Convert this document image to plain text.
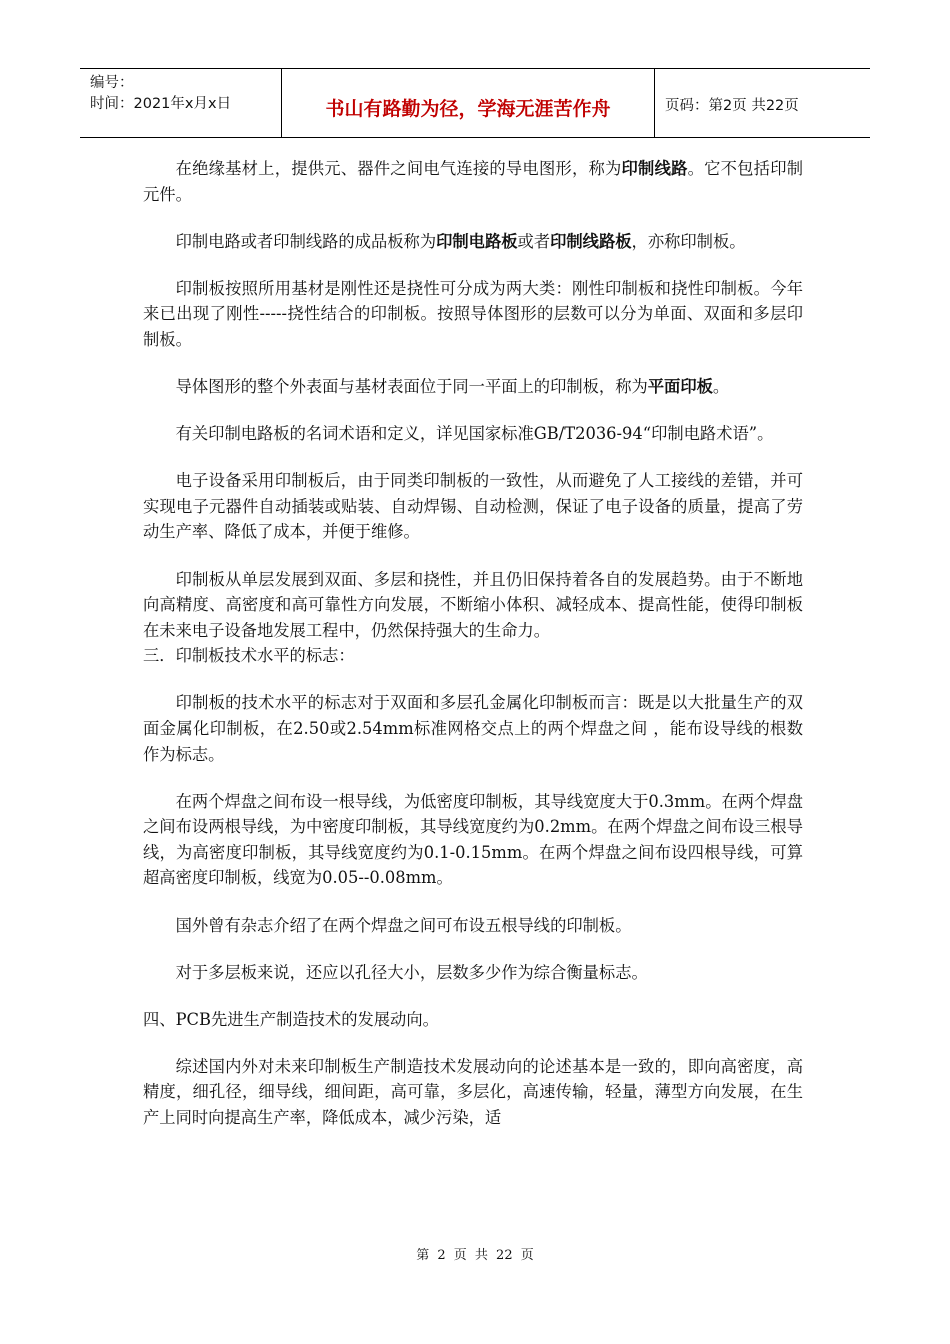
编号：
时间：2021年x月x日	书山有路勤为径，学海无涯苦作舟	页码：第2页 共22页

在绝缘基材上，提供元、器件之间电气连接的导电图形，称为印制线路。它不包括印制元件。

印制电路或者印制线路的成品板称为印制电路板或者印制线路板，亦称印制板。

印制板按照所用基材是刚性还是挠性可分成为两大类：刚性印制板和挠性印制板。今年来已出现了刚性-----挠性结合的印制板。按照导体图形的层数可以分为单面、双面和多层印制板。

导体图形的整个外表面与基材表面位于同一平面上的印制板，称为平面印板。

有关印制电路板的名词术语和定义，详见国家标准GB/T2036-94“印制电路术语”。

电子设备采用印制板后，由于同类印制板的一致性，从而避免了人工接线的差错，并可实现电子元器件自动插装或贴装、自动焊锡、自动检测，保证了电子设备的质量，提高了劳动生产率、降低了成本，并便于维修。

印制板从单层发展到双面、多层和挠性，并且仍旧保持着各自的发展趋势。由于不断地向高精度、高密度和高可靠性方向发展，不断缩小体积、减轻成本、提高性能，使得印制板在未来电子设备地发展工程中，仍然保持强大的生命力。

三．印制板技术水平的标志：

印制板的技术水平的标志对于双面和多层孔金属化印制板而言：既是以大批量生产的双面金属化印制板，在2.50或2.54mm标准网格交点上的两个焊盘之间 ，能布设导线的根数作为标志。

在两个焊盘之间布设一根导线，为低密度印制板，其导线宽度大于0.3mm。在两个焊盘之间布设两根导线，为中密度印制板，其导线宽度约为0.2mm。在两个焊盘之间布设三根导线，为高密度印制板，其导线宽度约为0.1-0.15mm。在两个焊盘之间布设四根导线，可算超高密度印制板，线宽为0.05--0.08mm。

国外曾有杂志介绍了在两个焊盘之间可布设五根导线的印制板。

对于多层板来说，还应以孔径大小，层数多少作为综合衡量标志。

四、PCB先进生产制造技术的发展动向。

综述国内外对未来印制板生产制造技术发展动向的论述基本是一致的，即向高密度，高精度，细孔径，细导线，细间距，高可靠，多层化，高速传输，轻量，薄型方向发展，在生产上同时向提高生产率，降低成本，减少污染，适

第 2 页 共 22 页
